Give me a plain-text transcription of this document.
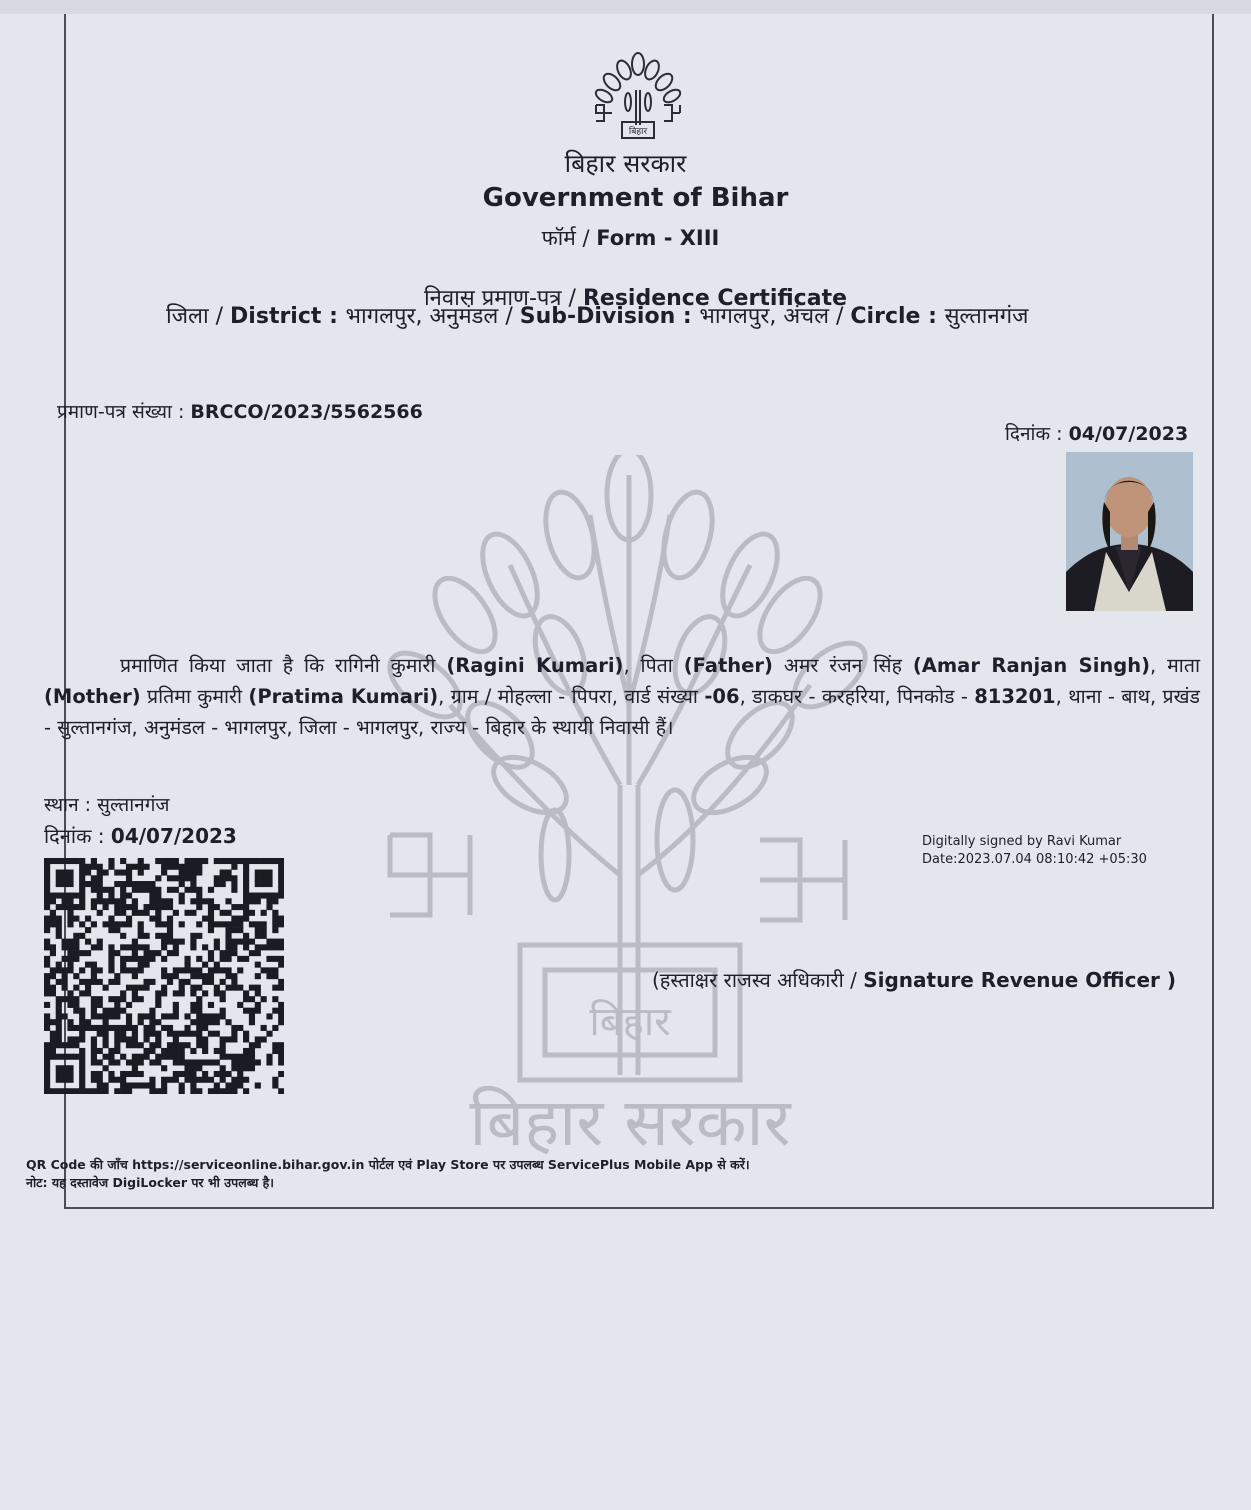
बिहार सरकार
बिहार
बिहार
बिहार सरकार
Government of Bihar
फॉर्म / Form - XIII
निवास प्रमाण-पत्र / Residence Certificate
जिला / District : भागलपुर, अनुमंडल / Sub-Division : भागलपुर, अंचल / Circle : सुल्तानगंज
प्रमाण-पत्र संख्या : BRCCO/2023/5562566
दिनांक : 04/07/2023
प्रमाणित किया जाता है कि रागिनी कुमारी (Ragini Kumari), पिता (Father) अमर रंजन सिंह (Amar Ranjan Singh), माता (Mother) प्रतिमा कुमारी (Pratima Kumari), ग्राम / मोहल्ला - पिपरा, वार्ड संख्या -06, डाकघर - करहरिया, पिनकोड - 813201, थाना - बाथ, प्रखंड - सुल्तानगंज, अनुमंडल - भागलपुर, जिला - भागलपुर, राज्य - बिहार के स्थायी निवासी हैं।
स्थान : सुल्तानगंज
दिनांक : 04/07/2023	Digitally signed by Ravi Kumar
Date:2023.07.04 08:10:42 +05:30
(हस्ताक्षर राजस्व अधिकारी / Signature Revenue Officer )
QR Code की जाँच https://serviceonline.bihar.gov.in पोर्टल एवं Play Store पर उपलब्ध ServicePlus Mobile App से करें।
नोट: यह दस्तावेज DigiLocker पर भी उपलब्ध है।
